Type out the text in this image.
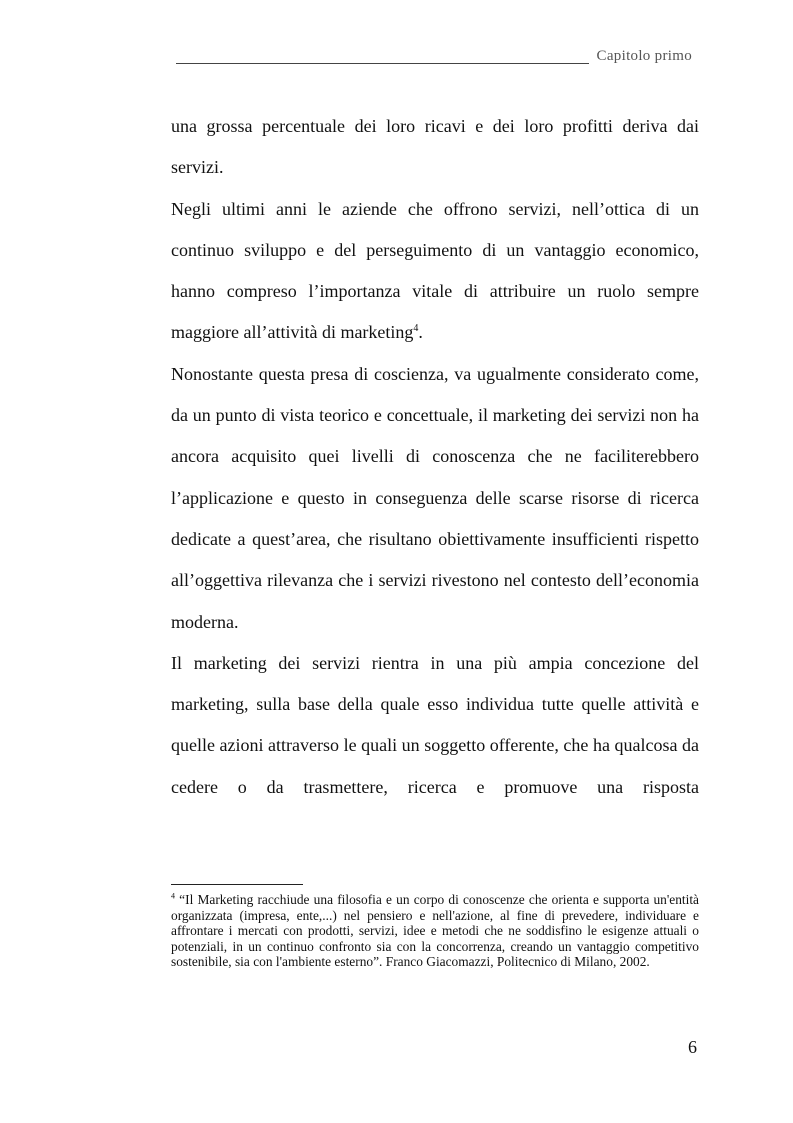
Capitolo primo

una grossa percentuale dei loro ricavi e dei loro profitti deriva dai servizi.

Negli ultimi anni le aziende che offrono servizi, nell’ottica di un continuo sviluppo e del perseguimento di un vantaggio economico, hanno compreso l’importanza vitale di attribuire un ruolo sempre maggiore all’attività di marketing$^4$.

Nonostante questa presa di coscienza, va ugualmente considerato come, da un punto di vista teorico e concettuale, il marketing dei servizi non ha ancora acquisito quei livelli di conoscenza che ne faciliterebbero l’applicazione e questo in conseguenza delle scarse risorse di ricerca dedicate a quest’area, che risultano obiettivamente insufficienti rispetto all’oggettiva rilevanza che i servizi rivestono nel contesto dell’economia moderna.

Il marketing dei servizi rientra in una più ampia concezione del marketing, sulla base della quale esso individua tutte quelle attività e quelle azioni attraverso le quali un soggetto offerente, che ha qualcosa da cedere o da trasmettere, ricerca e promuove una risposta

$^4$ “Il Marketing racchiude una filosofia e un corpo di conoscenze che orienta e supporta un'entità organizzata (impresa, ente,...) nel pensiero e nell'azione, al fine di prevedere, individuare e affrontare i mercati con prodotti, servizi, idee e metodi che ne soddisfino le esigenze attuali o potenziali, in un continuo confronto sia con la concorrenza, creando un vantaggio competitivo sostenibile, sia con l'ambiente esterno”. Franco Giacomazzi, Politecnico di Milano, 2002.
6
